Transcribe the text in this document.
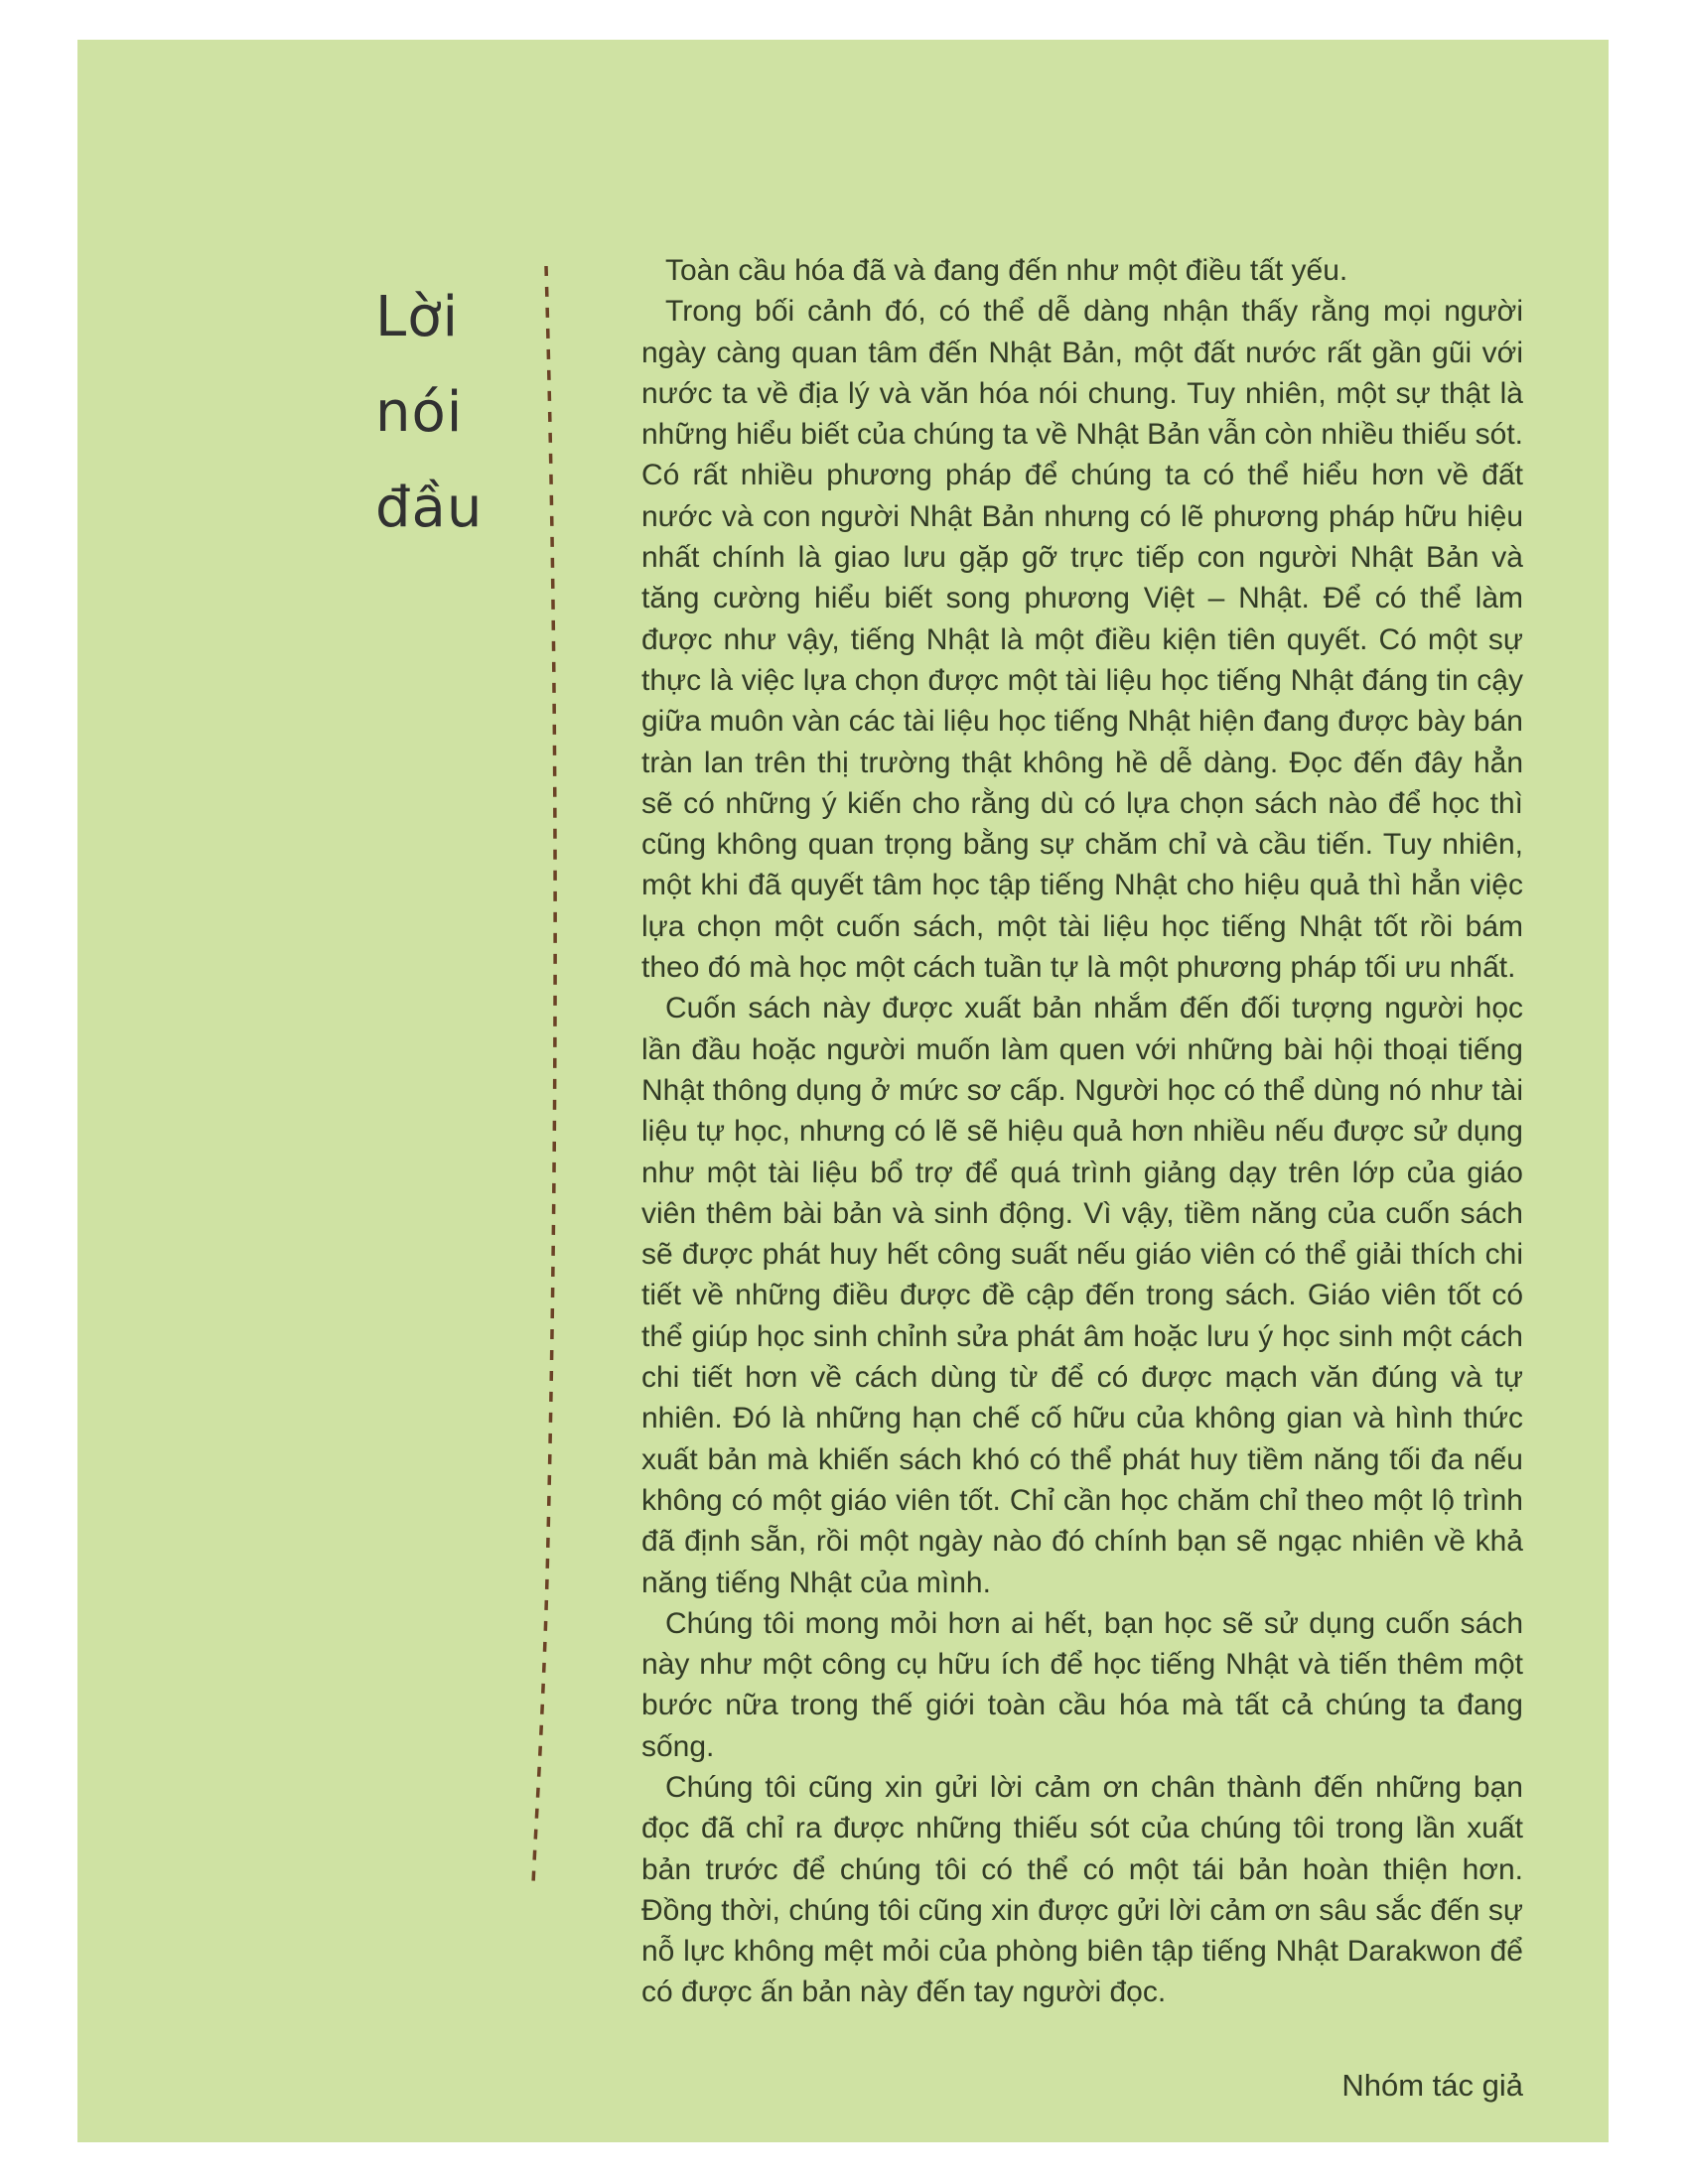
Lời
nói
đầu

Toàn cầu hóa đã và đang đến như một điều tất yếu.

Trong bối cảnh đó, có thể dễ dàng nhận thấy rằng mọi người ngày càng quan tâm đến Nhật Bản, một đất nước rất gần gũi với nước ta về địa lý và văn hóa nói chung. Tuy nhiên, một sự thật là những hiểu biết của chúng ta về Nhật Bản vẫn còn nhiều thiếu sót. Có rất nhiều phương pháp để chúng ta có thể hiểu hơn về đất nước và con người Nhật Bản nhưng có lẽ phương pháp hữu hiệu nhất chính là giao lưu gặp gỡ trực tiếp con người Nhật Bản và tăng cường hiểu biết song phương Việt – Nhật. Để có thể làm được như vậy, tiếng Nhật là một điều kiện tiên quyết. Có một sự thực là việc lựa chọn được một tài liệu học tiếng Nhật đáng tin cậy giữa muôn vàn các tài liệu học tiếng Nhật hiện đang được bày bán tràn lan trên thị trường thật không hề dễ dàng. Đọc đến đây hẳn sẽ có những ý kiến cho rằng dù có lựa chọn sách nào để học thì cũng không quan trọng bằng sự chăm chỉ và cầu tiến. Tuy nhiên, một khi đã quyết tâm học tập tiếng Nhật cho hiệu quả thì hẳn việc lựa chọn một cuốn sách, một tài liệu học tiếng Nhật tốt rồi bám theo đó mà học một cách tuần tự là một phương pháp tối ưu nhất.

Cuốn sách này được xuất bản nhắm đến đối tượng người học lần đầu hoặc người muốn làm quen với những bài hội thoại tiếng Nhật thông dụng ở mức sơ cấp. Người học có thể dùng nó như tài liệu tự học, nhưng có lẽ sẽ hiệu quả hơn nhiều nếu được sử dụng như một tài liệu bổ trợ để quá trình giảng dạy trên lớp của giáo viên thêm bài bản và sinh động. Vì vậy, tiềm năng của cuốn sách sẽ được phát huy hết công suất nếu giáo viên có thể giải thích chi tiết về những điều được đề cập đến trong sách. Giáo viên tốt có thể giúp học sinh chỉnh sửa phát âm hoặc lưu ý học sinh một cách chi tiết hơn về cách dùng từ để có được mạch văn đúng và tự nhiên. Đó là những hạn chế cố hữu của không gian và hình thức xuất bản mà khiến sách khó có thể phát huy tiềm năng tối đa nếu không có một giáo viên tốt. Chỉ cần học chăm chỉ theo một lộ trình đã định sẵn, rồi một ngày nào đó chính bạn sẽ ngạc nhiên về khả năng tiếng Nhật của mình.

Chúng tôi mong mỏi hơn ai hết, bạn học sẽ sử dụng cuốn sách này như một công cụ hữu ích để học tiếng Nhật và tiến thêm một bước nữa trong thế giới toàn cầu hóa mà tất cả chúng ta đang sống.

Chúng tôi cũng xin gửi lời cảm ơn chân thành đến những bạn đọc đã chỉ ra được những thiếu sót của chúng tôi trong lần xuất bản trước để chúng tôi có thể có một tái bản hoàn thiện hơn. Đồng thời, chúng tôi cũng xin được gửi lời cảm ơn sâu sắc đến sự nỗ lực không mệt mỏi của phòng biên tập tiếng Nhật Darakwon để có được ấn bản này đến tay người đọc.

Nhóm tác giả
